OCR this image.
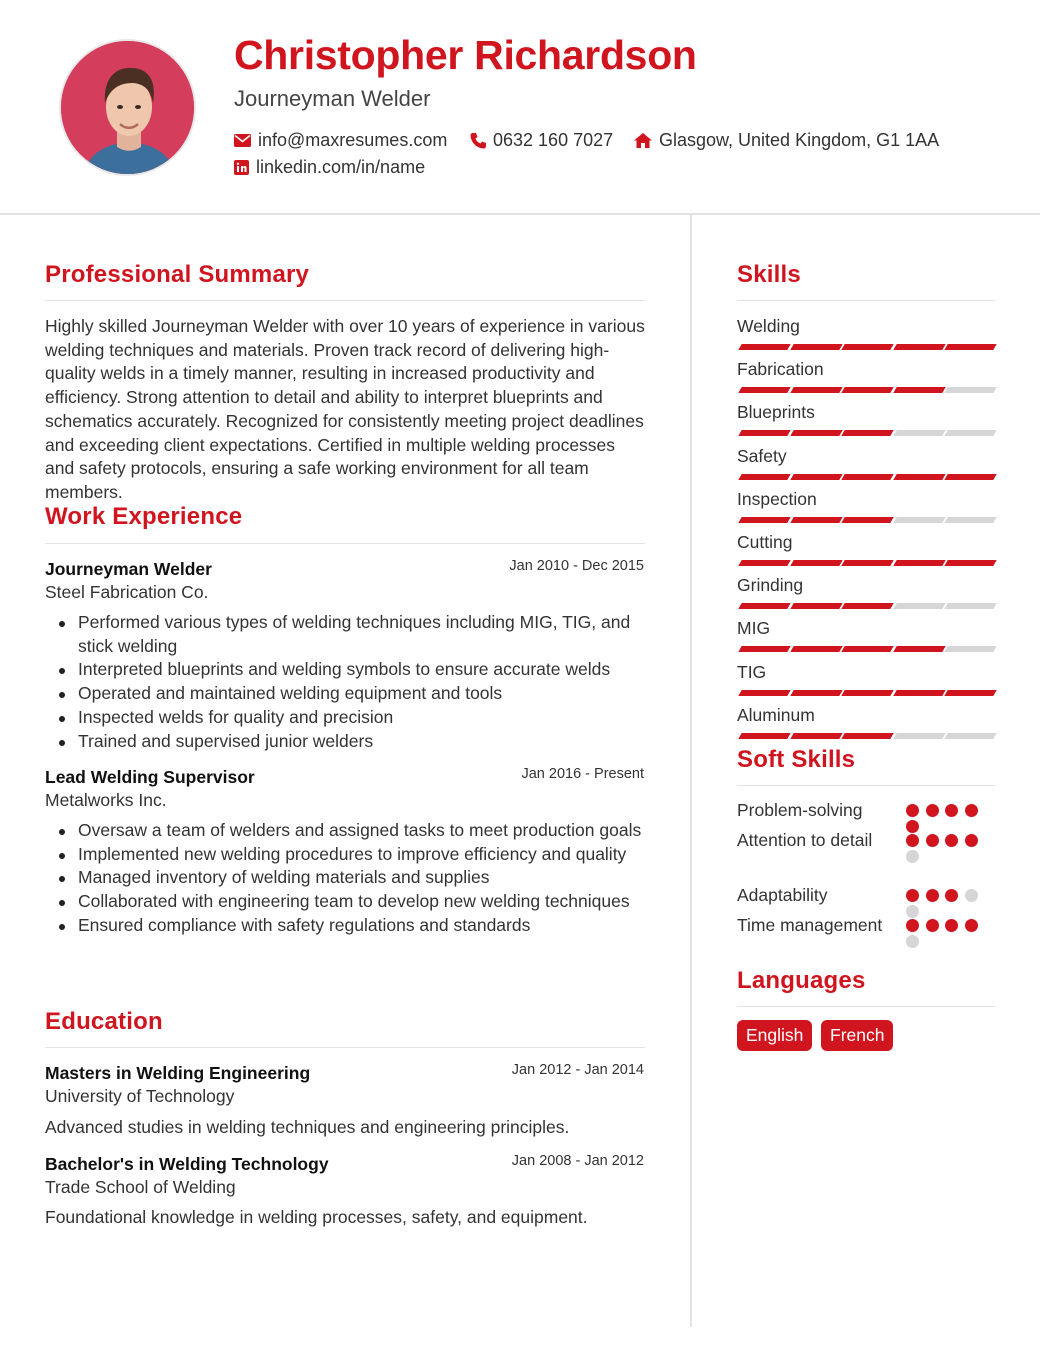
Christopher Richardson
Journeyman Welder
info@maxresumes.com	0632 160 7027	Glasgow, United Kingdom, G1 1AA
linkedin.com/in/name
Professional Summary
Highly skilled Journeyman Welder with over 10 years of experience in various welding techniques and materials. Proven track record of delivering high-quality welds in a timely manner, resulting in increased productivity and efficiency. Strong attention to detail and ability to interpret blueprints and schematics accurately. Recognized for consistently meeting project deadlines and exceeding client expectations. Certified in multiple welding processes and safety protocols, ensuring a safe working environment for all team members.
Work Experience
Journeyman Welder	Jan 2010 - Dec 2015
Steel Fabrication Co.
Performed various types of welding techniques including MIG, TIG, and stick welding
Interpreted blueprints and welding symbols to ensure accurate welds
Operated and maintained welding equipment and tools
Inspected welds for quality and precision
Trained and supervised junior welders
Lead Welding Supervisor	Jan 2016 - Present
Metalworks Inc.
Oversaw a team of welders and assigned tasks to meet production goals
Implemented new welding procedures to improve efficiency and quality
Managed inventory of welding materials and supplies
Collaborated with engineering team to develop new welding techniques
Ensured compliance with safety regulations and standards
Education
Masters in Welding Engineering	Jan 2012 - Jan 2014
University of Technology
Advanced studies in welding techniques and engineering principles.
Bachelor's in Welding Technology	Jan 2008 - Jan 2012
Trade School of Welding
Foundational knowledge in welding processes, safety, and equipment.
Skills
Welding
Fabrication
Blueprints
Safety
Inspection
Cutting
Grinding
MIG
TIG
Aluminum
Soft Skills
Problem-solving
Attention to detail
Adaptability
Time management
Languages
English	French
